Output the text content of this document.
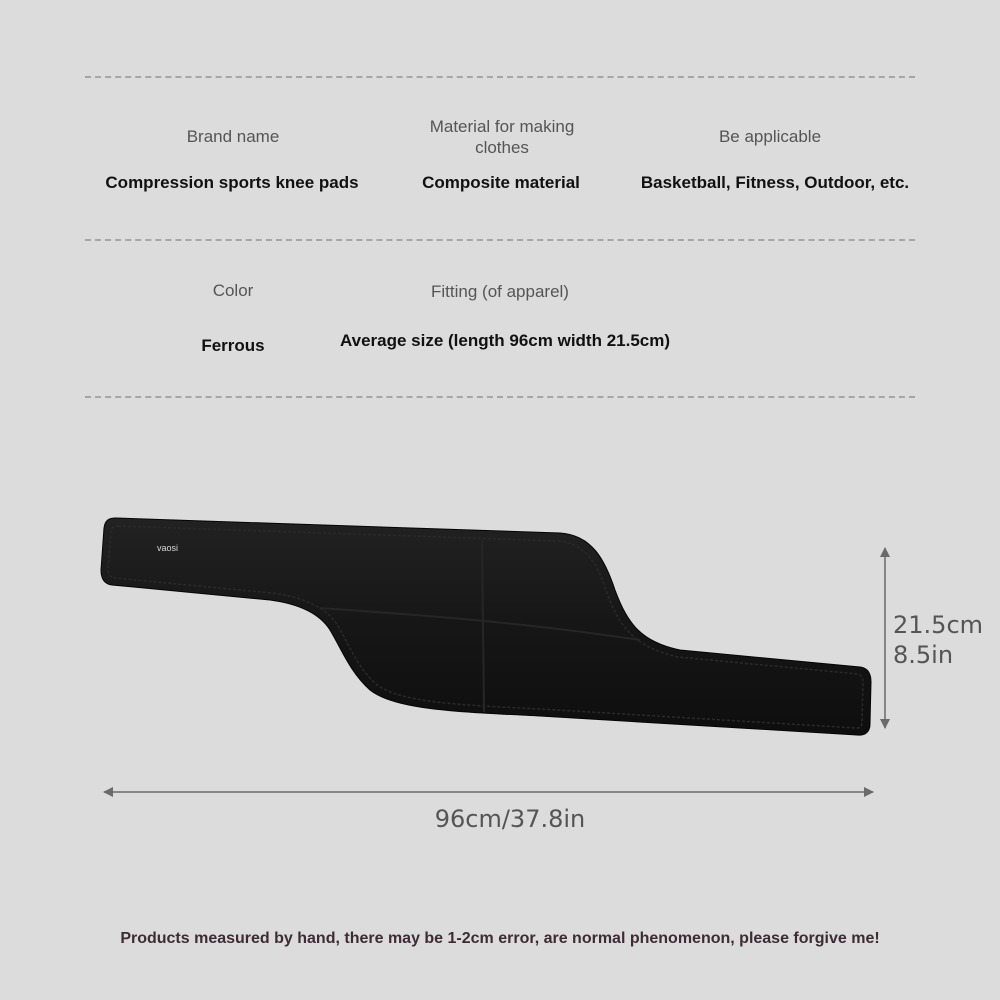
Brand name
Compression sports knee pads
Material for making clothes
Composite material
Be applicable
Basketball, Fitness, Outdoor, etc.
Color
Ferrous
Fitting (of apparel)
Average size (length 96cm width 21.5cm)
vaosi
21.5cm
8.5in
96cm/37.8in
Products measured by hand, there may be 1-2cm error, are normal phenomenon, please forgive me!
